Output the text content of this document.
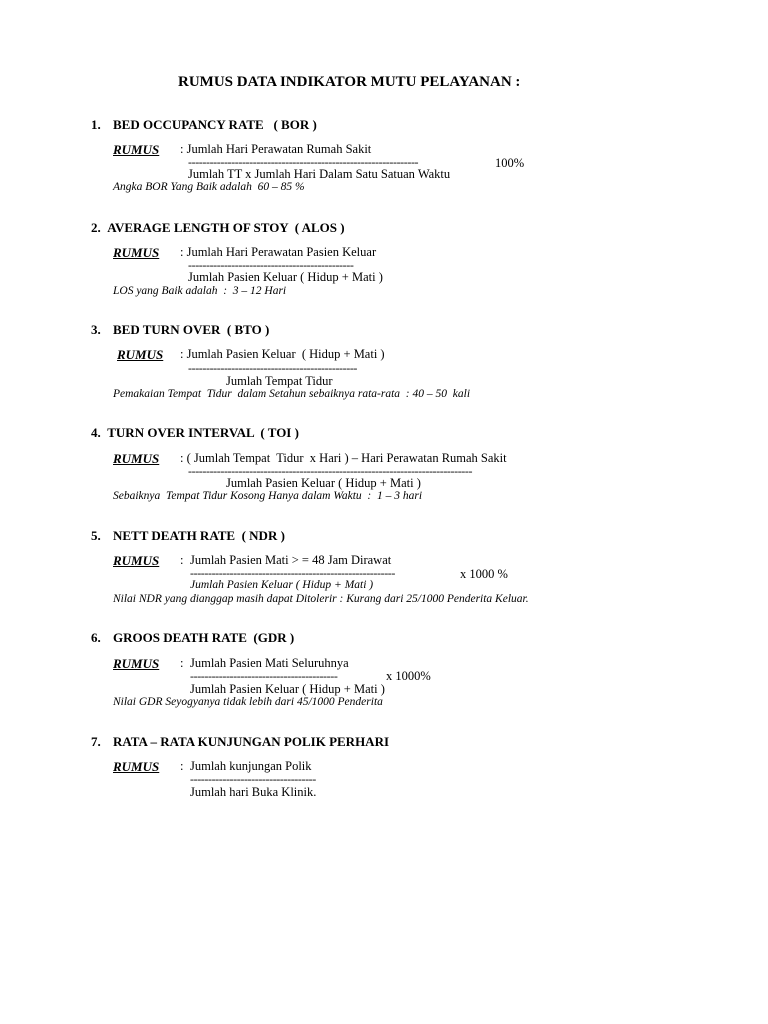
RUMUS DATA INDIKATOR MUTU PELAYANAN :
1. BED OCCUPANCY RATE   ( BOR )
RUMUS : Jumlah Hari Perawatan Rumah Sakit
----------------------------------------------------------------	100%
Jumlah TT x Jumlah Hari Dalam Satu Satuan Waktu
Angka BOR Yang Baik adalah  60 – 85 %
2. AVERAGE LENGTH OF STOY  ( ALOS )
RUMUS : Jumlah Hari Perawatan Pasien Keluar
----------------------------------------------
Jumlah Pasien Keluar ( Hidup + Mati )
LOS yang Baik adalah  :  3 – 12 Hari
3. BED TURN OVER  ( BTO )
RUMUS : Jumlah Pasien Keluar  ( Hidup + Mati )
-----------------------------------------------
Jumlah Tempat Tidur
Pemakaian Tempat  Tidur  dalam Setahun sebaiknya rata-rata  : 40 – 50  kali
4. TURN OVER INTERVAL  ( TOI )
RUMUS : ( Jumlah Tempat  Tidur  x Hari ) – Hari Perawatan Rumah Sakit
-------------------------------------------------------------------------------
Jumlah Pasien Keluar ( Hidup + Mati )
Sebaiknya  Tempat Tidur Kosong Hanya dalam Waktu  :  1 – 3 hari
5. NETT DEATH RATE  ( NDR )
RUMUS : Jumlah Pasien Mati > = 48 Jam Dirawat
---------------------------------------------------------	x 1000 %
Jumlah Pasien Keluar ( Hidup + Mati )
Nilai NDR yang dianggap masih dapat Ditolerir : Kurang dari 25/1000 Penderita Keluar.
6. GROOS DEATH RATE  (GDR )
RUMUS : Jumlah Pasien Mati Seluruhnya
-----------------------------------------	x 1000%
Jumlah Pasien Keluar ( Hidup + Mati )
Nilai GDR Seyogyanya tidak lebih dari 45/1000 Penderita
7. RATA – RATA KUNJUNGAN POLIK PERHARI
RUMUS : Jumlah kunjungan Polik
-----------------------------------
Jumlah hari Buka Klinik.
